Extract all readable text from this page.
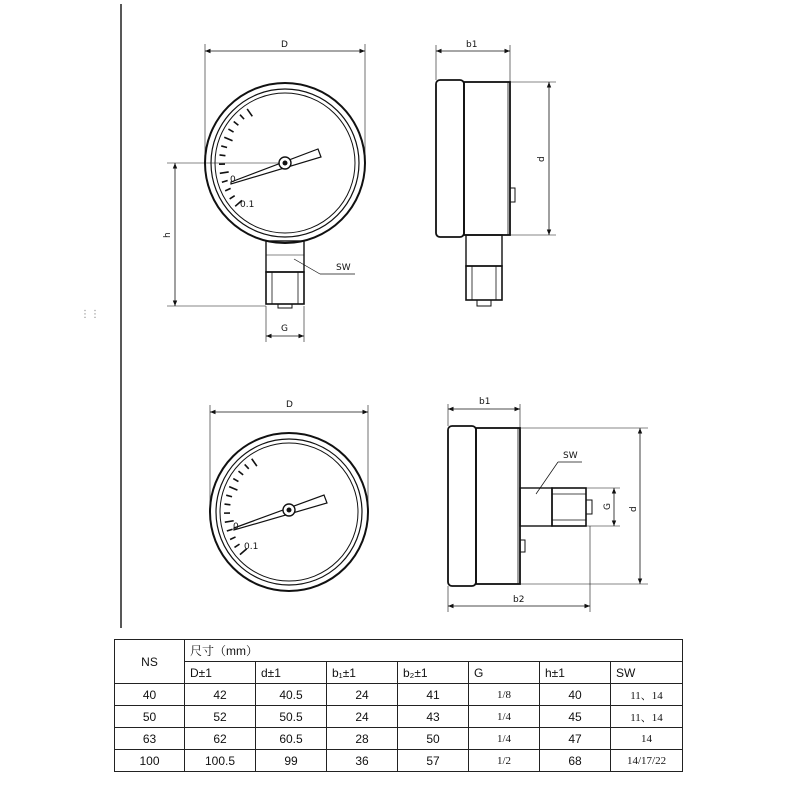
⋮⋮
0
0.1
D
h
G
SW
b1
d
0
0.1
D	b1
b2
d
G
SW
NS	尺寸（mm）						
	D±1	d±1	b₁±1	b₂±1	G	h±1	SW
40	42	40.5	24	41	1/8	40	11、14
50	52	50.5	24	43	1/4	45	11、14
63	62	60.5	28	50	1/4	47	14
100	100.5	99	36	57	1/2	68	14/17/22
